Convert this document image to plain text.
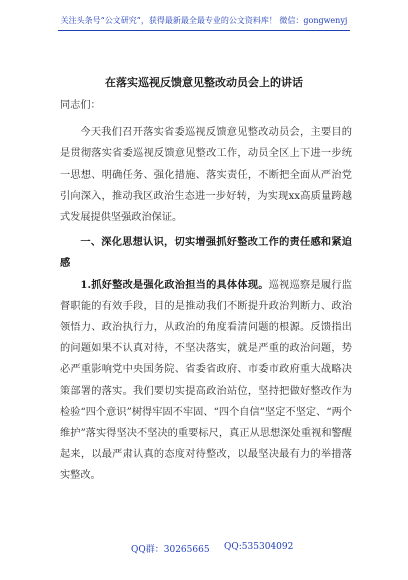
关注头条号“公文研究”，获得最新最全最专业的公文资料库！ 微信：gongwenyj
在落实巡视反馈意见整改动员会上的讲话

同志们：

今天我们召开落实省委巡视反馈意见整改动员会，主要目的是贯彻落实省委巡视反馈意见整改工作，动员全区上下进一步统一思想、明确任务、强化措施、落实责任，不断把全面从严治党引向深入，推动我区政治生态进一步好转，为实现xx高质量跨越式发展提供坚强政治保证。

一、深化思想认识，切实增强抓好整改工作的责任感和紧迫感

1.抓好整改是强化政治担当的具体体现。巡视巡察是履行监督职能的有效手段，目的是推动我们不断提升政治判断力、政治领悟力、政治执行力，从政治的角度看清问题的根源。反馈指出的问题如果不认真对待，不坚决落实，就是严重的政治问题，势必严重影响党中央国务院、省委省政府、市委市政府重大战略决策部署的落实。我们要切实提高政治站位，坚持把做好整改作为检验“四个意识”树得牢固不牢固、“四个自信”坚定不坚定、“两个维护”落实得坚决不坚决的重要标尺，真正从思想深处重视和警醒起来，以最严肃认真的态度对待整改，以最坚决最有力的举措落实整改。

QQ群：30265665 QQ:535304092
